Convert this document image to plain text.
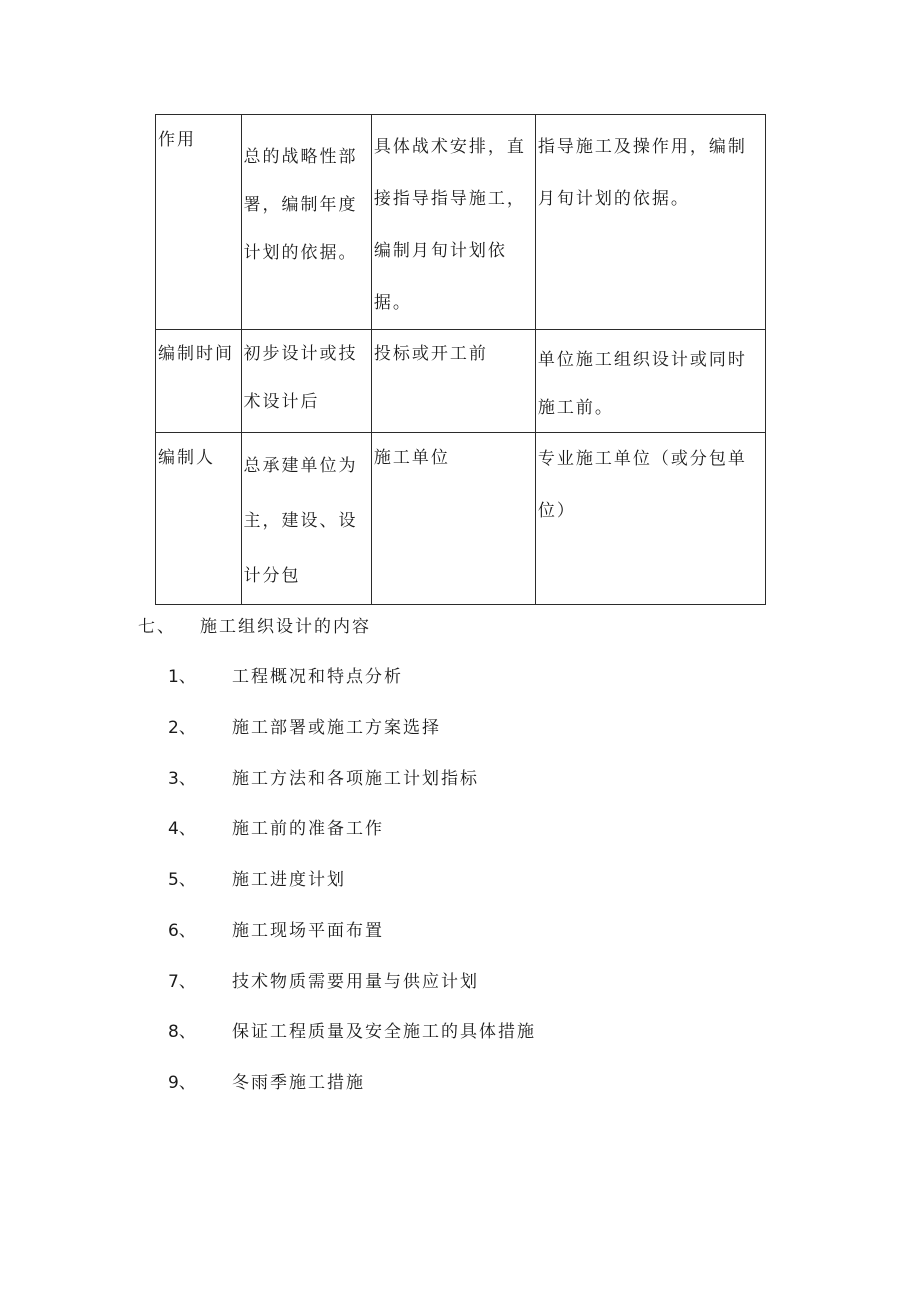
作用	总的战略性部署，编制年度计划的依据。	具体战术安排，直接指导指导施工，编制月旬计划依据。	指导施工及操作用，编制月旬计划的依据。
编制时间	初步设计或技术设计后	投标或开工前	单位施工组织设计或同时施工前。
编制人	总承建单位为主，建设、设计分包	施工单位	专业施工单位（或分包单位）
七、 施工组织设计的内容
1、 工程概况和特点分析
2、 施工部署或施工方案选择
3、 施工方法和各项施工计划指标
4、 施工前的准备工作
5、 施工进度计划
6、 施工现场平面布置
7、 技术物质需要用量与供应计划
8、 保证工程质量及安全施工的具体措施
9、 冬雨季施工措施
